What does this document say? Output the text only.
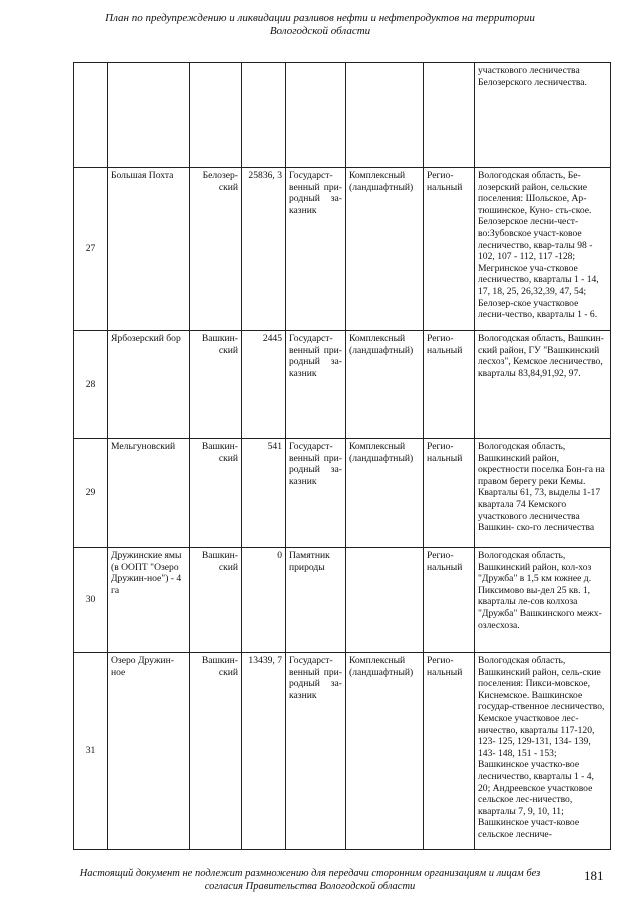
План по предупреждению и ликвидации разливов нефти и нефтепродуктов на территории
Вологодской области
							участкового лесничества Белозерского лесничества.
27	Большая Похта	Белозер-ский	25836, 3	Государст-венный при-родный за-казник	Комплексный (ландшафтный)	Регио-нальный	Вологодская область, Бе-лозерский район, сельские поселения: Шольское, Ар-тюшинское, Куно- сть-ское. Белозерское лесни-чест- во:Зубовское участ-ковое лесничество, квар-талы 98 - 102, 107 - 112, 117 -128; Мегринское уча-стковое лесничество, кварталы 1 - 14, 17, 18, 25, 26,32,39, 47, 54; Белозер-ское участковое лесни-чество, кварталы 1 - 6.
28	Ярбозерский бор	Вашкин-ский	2445	Государст-венный при-родный за-казник	Комплексный (ландшафтный)	Регио-нальный	Вологодская область, Вашкин- ский район, ГУ "Вашкинский лесхоз", Кемское лесничество, кварталы 83,84,91,92, 97.
29	Мельгуновский	Вашкин-ский	541	Государст-венный при-родный за-казник	Комплексный (ландшафтный)	Регио-нальный	Вологодская область, Вашкинский район, окрестности поселка Бон-га на правом берегу реки Кемы. Кварталы 61, 73, выделы 1-17 квартала 74 Кемского участкового лесничества Вашкин- ско-го лесничества
30	Дружинские ямы (в ООПТ "Озеро Дружин-ное") - 4 га	Вашкин-ский	0	Памятник природы		Регио-нальный	Вологодская область, Вашкинский район, кол-хоз "Дружба" в 1,5 км южнее д. Пиксимово вы-дел 25 кв. 1, кварталы ле-сов колхоза "Дружба" Вашкинского межх-озлесхоза.
31	Озеро Дружин-ное	Вашкин-ский	13439, 7	Государст-венный при-родный за-казник	Комплексный (ландшафтный)	Регио-нальный	Вологодская область, Вашкинский район, сель-ские поселения: Пикси-мовское, Киснемское. Вашкинское государ-ственное лесничество, Кемское участковое лес-ничество, кварталы 117-120, 123- 125, 129-131, 134- 139, 143- 148, 151 - 153; Вашкинское участко-вое лесничество, кварталы 1 - 4, 20; Андреевское участковое сельское лес-ничество, кварталы 7, 9, 10, 11; Вашкинское участ-ковое сельское лесниче-
Настоящий документ не подлежит размножению для передачи сторонним организациям и лицам без
согласия Правительства Вологодской области
181
